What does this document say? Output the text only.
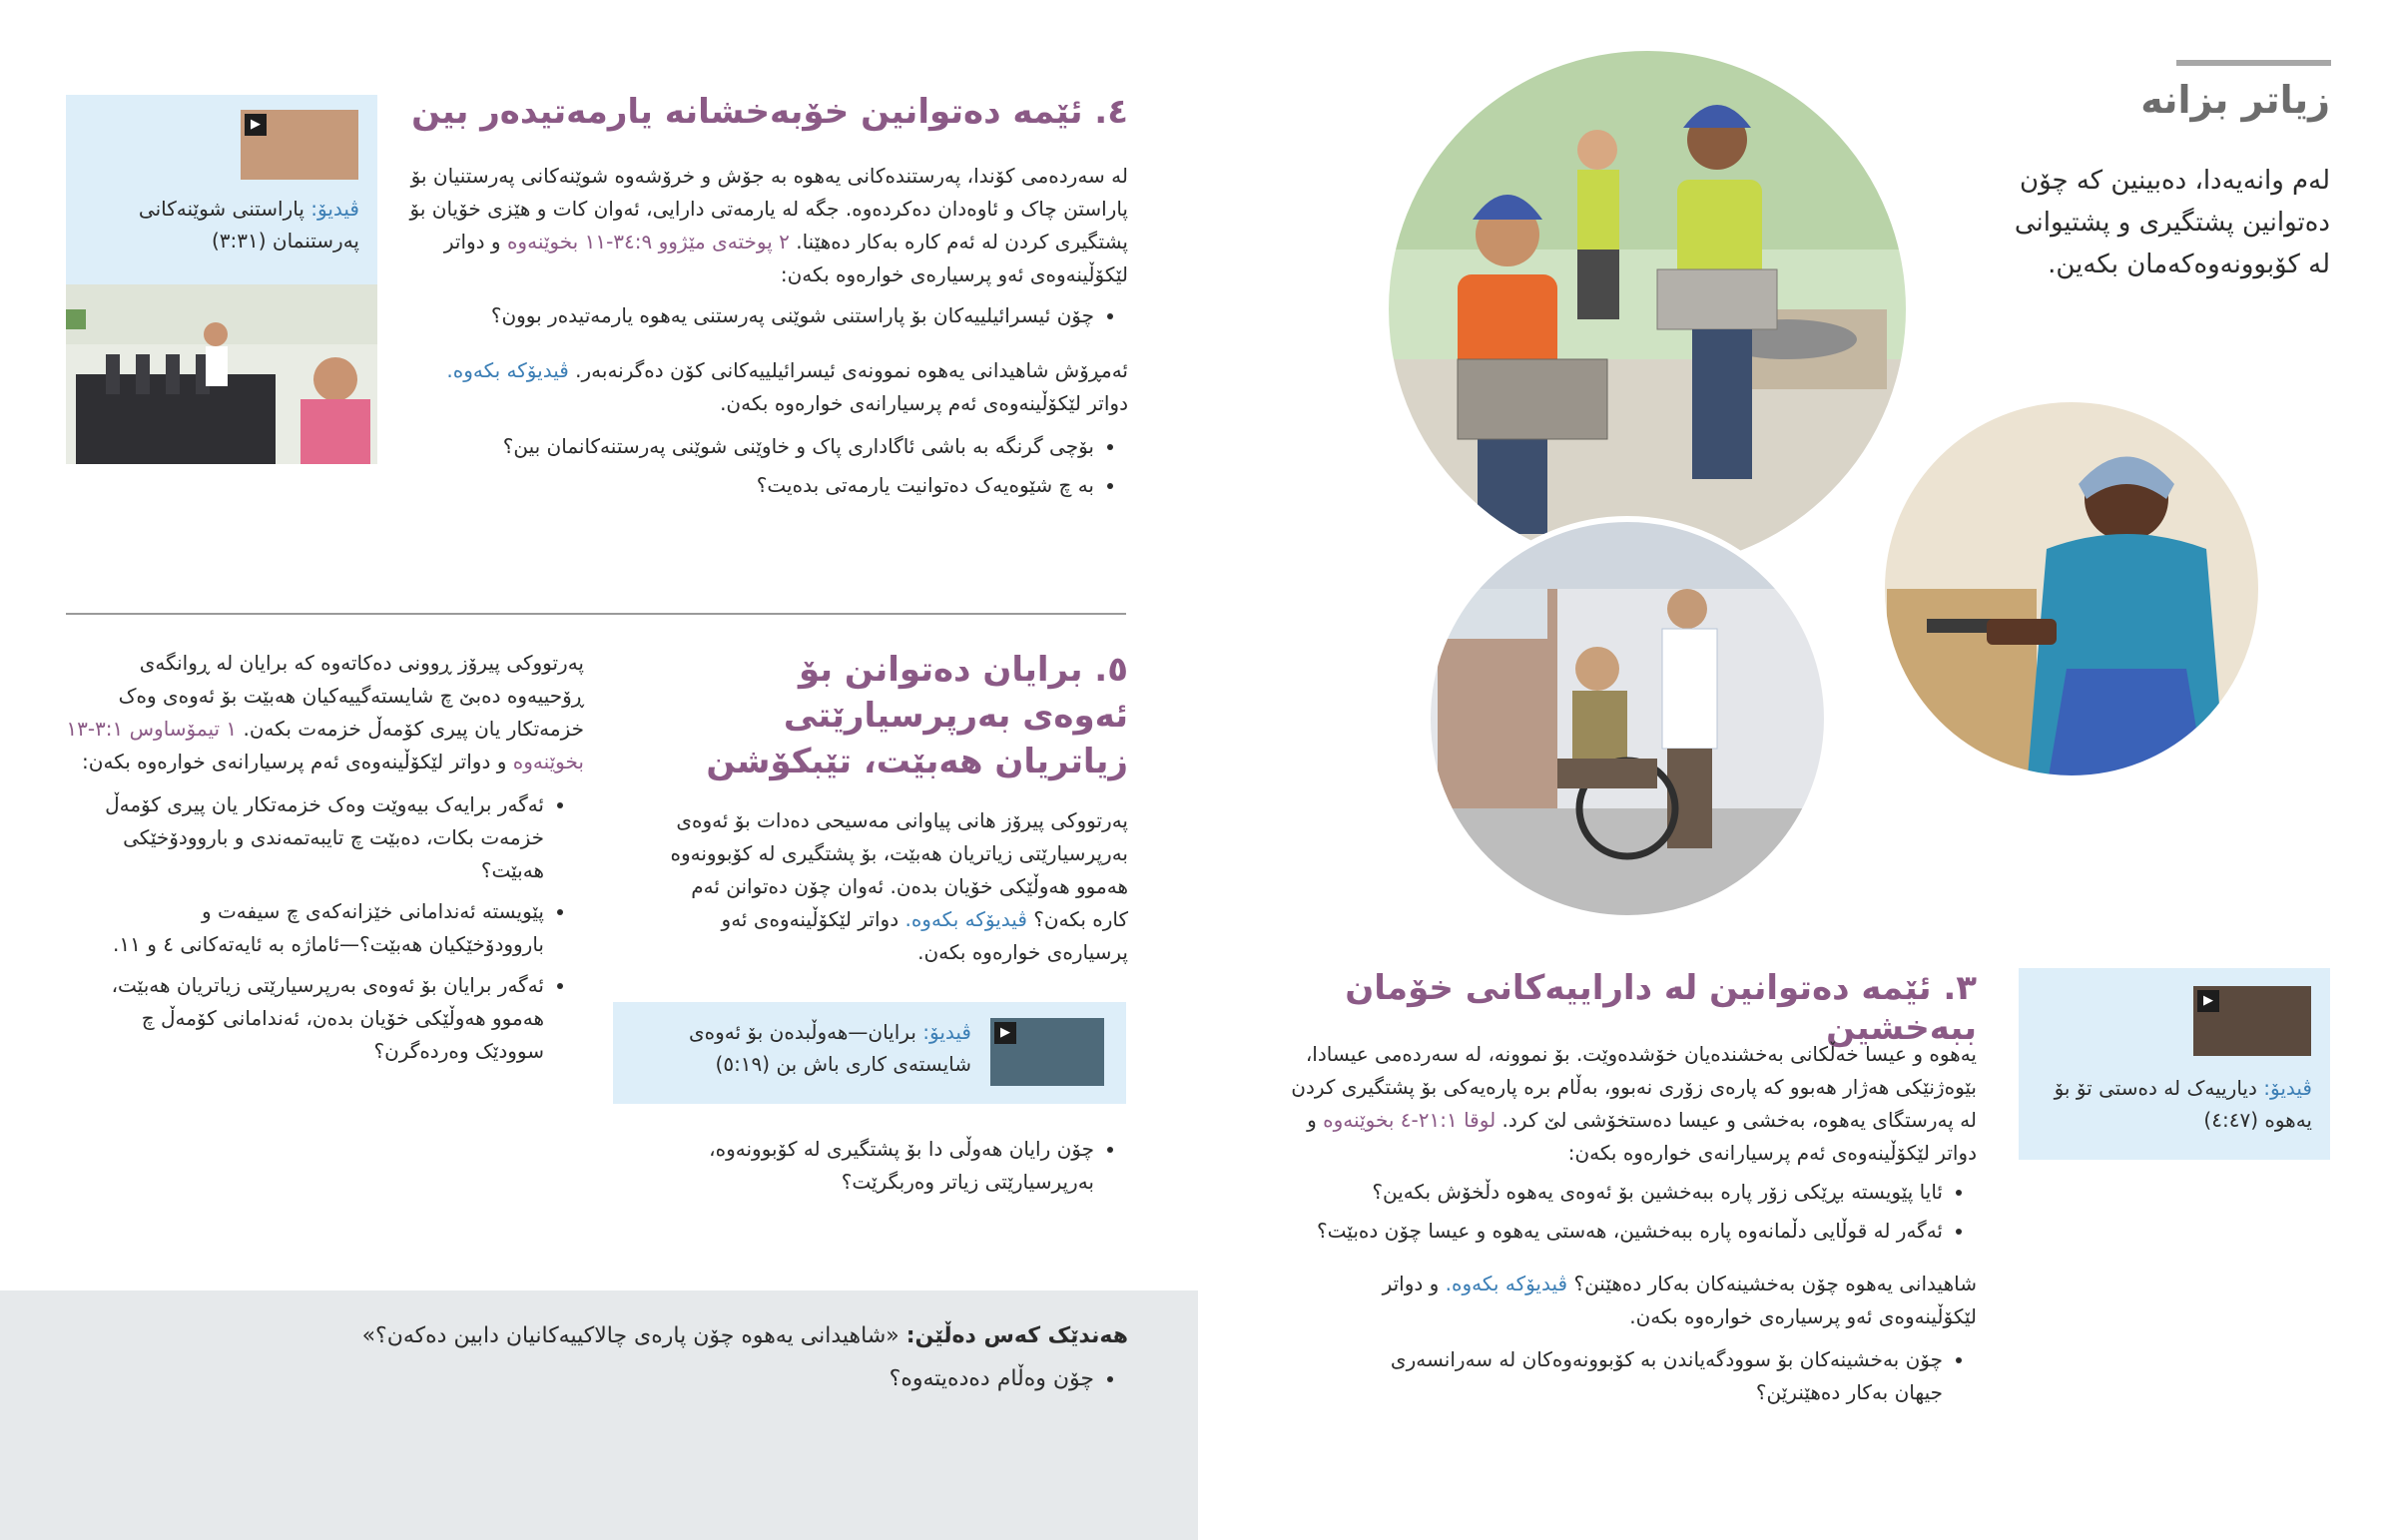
زیاتر بزانە
لەم وانەیەدا، دەبینین کە چۆن دەتوانین پشتگیری و پشتیوانی لە کۆبوونەوەکەمان بکەین.
٣. ئێمە دەتوانین لە داراییەکانی خۆمان ببەخشین

یەهوە و عیسا خەڵکانی بەخشندەیان خۆشدەوێت. بۆ نموونە، لە سەردەمی عیسادا، بێوەژنێکی هەژار هەبوو کە پارەی زۆری نەبوو، بەڵام برە پارەیەکی بۆ پشتگیری کردن لە پەرستگای یەهوە، بەخشی و عیسا دەستخۆشی لێ کرد. لوقا ٢١:١-٤ بخوێنەوە و دواتر لێکۆڵینەوەی ئەم پرسیارانەی خوارەوە بکەن:

• ئایا پێویستە بڕێکی زۆر پارە ببەخشین بۆ ئەوەی یەهوە دڵخۆش بکەین؟
• ئەگەر لە قوڵایی دڵمانەوە پارە ببەخشین، هەستی یەهوە و عیسا چۆن دەبێت؟

شاهیدانی یەهوە چۆن بەخشینەکان بەکار دەهێنن؟ ڤیدیۆکە بکەوە. و دواتر لێکۆڵینەوەی ئەو پرسیارەی خوارەوە بکەن.

• چۆن بەخشینەکان بۆ سوودگەیاندن بە کۆبوونەوەکان لە سەرانسەری جیهان بەکار دەهێنرێن؟
▶
ڤیدیۆ: دیارییەک لە دەستی تۆ بۆ یەهوە (٤:٤٧)
▶
ڤیدیۆ: پاراستنی شوێنەکانی پەرستنمان (٣:٣١)
٤. ئێمە دەتوانین خۆبەخشانە یارمەتیدەر بین

لە سەردەمی کۆندا، پەرستندەکانی یەهوە بە جۆش و خرۆشەوە شوێنەکانی پەرستنیان بۆ پاراستن چاک و ئاوەدان دەکردەوە. جگە لە یارمەتی دارایی، ئەوان کات و هێزی خۆیان بۆ پشتگیری کردن لە ئەم کارە بەکار دەهێنا. ٢ پوختەی مێژوو ٣٤:٩-١١ بخوێنەوە و دواتر لێکۆڵینەوەی ئەو پرسیارەی خوارەوە بکەن:

• چۆن ئیسرائیلییەکان بۆ پاراستنی شوێنی پەرستنی یەهوە یارمەتیدەر بوون؟

ئەمڕۆش شاهیدانی یەهوە نموونەی ئیسرائیلییەکانی کۆن دەگرنەبەر. ڤیدیۆکە بکەوە. دواتر لێکۆڵینەوەی ئەم پرسیارانەی خوارەوە بکەن.

• بۆچی گرنگە بە باشی ئاگاداری پاک و خاوێنی شوێنی پەرستنەکانمان بین؟
• بە چ شێوەیەک دەتوانیت یارمەتی بدەیت؟
٥. برایان دەتوانن بۆ ئەوەی بەرپرسیارێتی زیاتریان هەبێت، تێبکۆشن

پەرتووکی پیرۆز هانی پیاوانی مەسیحی دەدات بۆ ئەوەی بەرپرسیارێتی زیاتریان هەبێت، بۆ پشتگیری لە کۆبوونەوە هەموو هەوڵێکی خۆیان بدەن. ئەوان چۆن دەتوانن ئەم کارە بکەن؟ ڤیدیۆکە بکەوە. دواتر لێکۆڵینەوەی ئەو پرسیارەی خوارەوە بکەن.

▶
ڤیدیۆ: برایان—هەوڵبدەن بۆ ئەوەی شایستەی کاری باش بن (٥:١٩)
• چۆن رایان هەوڵی دا بۆ پشتگیری لە کۆبوونەوە، بەرپرسیارێتی زیاتر وەربگرێت؟

پەرتووکی پیرۆز ڕوونی دەکاتەوە کە برایان لە ڕوانگەی ڕۆحییەوە دەبێ چ شایستەگییەکیان هەبێت بۆ ئەوەی وەک خزمەتکار یان پیری کۆمەڵ خزمەت بکەن. ١ تیمۆساوس ٣:١-١٣ بخوێنەوە و دواتر لێکۆڵینەوەی ئەم پرسیارانەی خوارەوە بکەن:

• ئەگەر برایەک بیەوێت وەک خزمەتکار یان پیری کۆمەڵ خزمەت بکات، دەبێت چ تایبەتمەندی و باروودۆخێکی هەبێت؟
• پێویستە ئەندامانی خێزانەکەی چ سیفەت و باروودۆخێکیان هەبێت؟—ئاماژە بە ئایەتەکانی ٤ و ١١.
• ئەگەر برایان بۆ ئەوەی بەرپرسیارێتی زیاتریان هەبێت، هەموو هەوڵێکی خۆیان بدەن، ئەندامانی کۆمەڵ چ سوودێک وەردەگرن؟

هەندێک کەس دەڵێن: «شاهیدانی یەهوە چۆن پارەی چالاکییەکانیان دابین دەکەن؟»

• چۆن وەڵام دەدەیتەوە؟
